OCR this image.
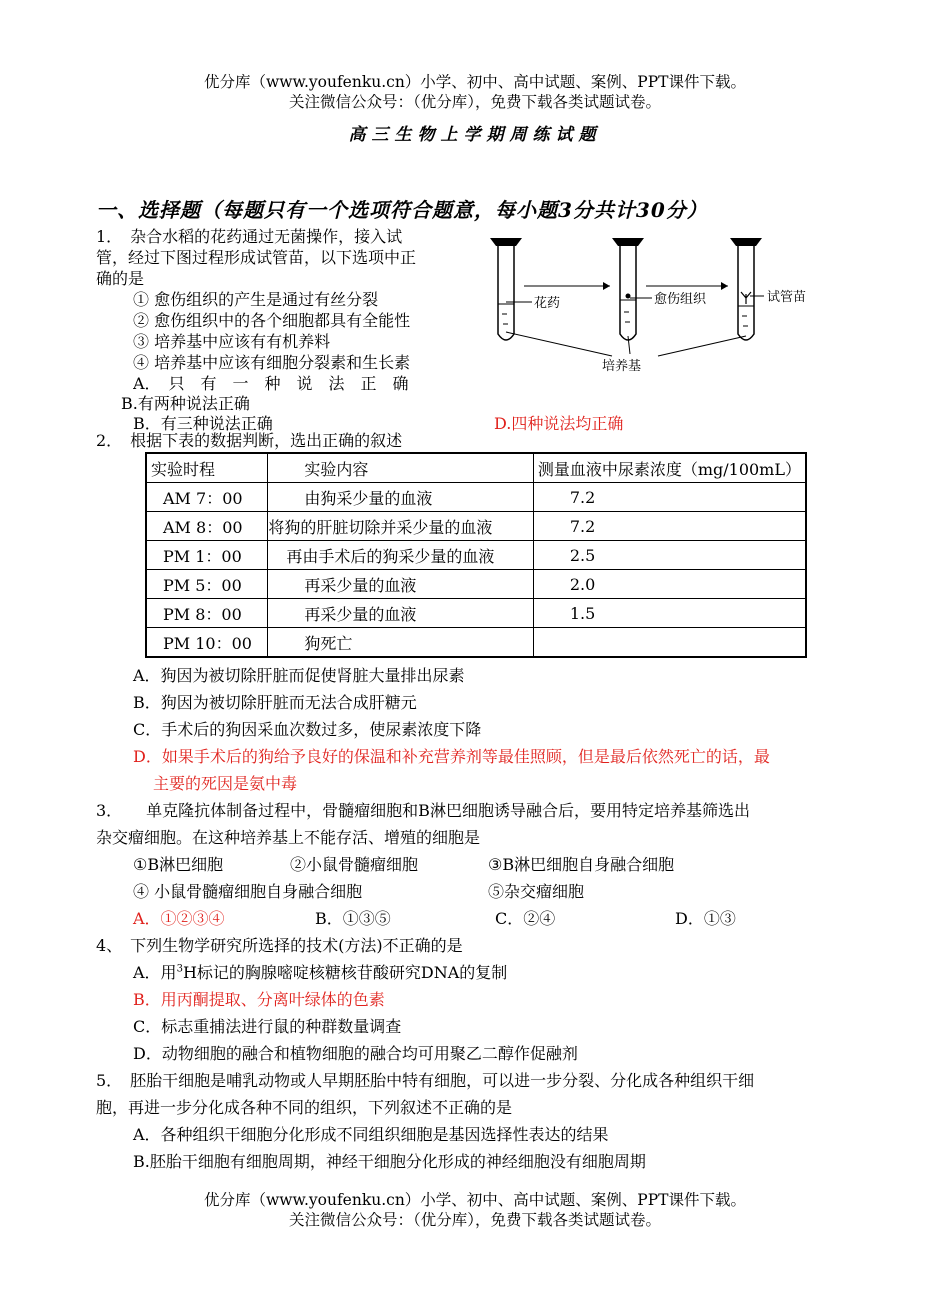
优分库（www.youfenku.cn）小学、初中、高中试题、案例、PPT课件下载。
关注微信公众号：（优分库），免费下载各类试题试卷。
高三生物上学期周练试题
一、选择题（每题只有一个选项符合题意，每小题3分共计30分）
1．　杂合水稻的花药通过无菌操作，接入试
管，经过下图过程形成试管苗，以下选项中正
确的是
① 愈伤组织的产生是通过有丝分裂
② 愈伤组织中的各个细胞都具有全能性
③ 培养基中应该有有机养料
④ 培养基中应该有细胞分裂素和生长素
A．　只　有　一　种　说　法　正　确
B.有两种说法正确
B．有三种说法正确	D.四种说法均正确
花药	愈伤组织	试管苗
培养基
2．　根据下表的数据判断，选出正确的叙述
实验时程	实验内容	测量血液中尿素浓度（mg/100mL）
AM 7：00	由狗采少量的血液	7.2
AM 8：00	将狗的肝脏切除并采少量的血液	7.2
PM 1：00	再由手术后的狗采少量的血液	2.5
PM 5：00	再采少量的血液	2.0
PM 8：00	再采少量的血液	1.5
PM 10：00	狗死亡	
A．狗因为被切除肝脏而促使肾脏大量排出尿素
B．狗因为被切除肝脏而无法合成肝糖元
C．手术后的狗因采血次数过多，使尿素浓度下降
D．如果手术后的狗给予良好的保温和补充营养剂等最佳照顾，但是最后依然死亡的话，最
主要的死因是氨中毒
3．　　单克隆抗体制备过程中，骨髓瘤细胞和B淋巴细胞诱导融合后，要用特定培养基筛选出
杂交瘤细胞。在这种培养基上不能存活、增殖的细胞是
①B淋巴细胞	②小鼠骨髓瘤细胞	③B淋巴细胞自身融合细胞
④ 小鼠骨髓瘤细胞自身融合细胞	⑤杂交瘤细胞
A．①②③④	B．①③⑤	C．②④	D．①③
4、　下列生物学研究所选择的技术(方法)不正确的是
A．用$^3$H标记的胸腺嘧啶核糖核苷酸研究DNA的复制
B．用丙酮提取、分离叶绿体的色素
C．标志重捕法进行鼠的种群数量调查
D．动物细胞的融合和植物细胞的融合均可用聚乙二醇作促融剂
5．　胚胎干细胞是哺乳动物或人早期胚胎中特有细胞，可以进一步分裂、分化成各种组织干细
胞，再进一步分化成各种不同的组织，下列叙述不正确的是
A．各种组织干细胞分化形成不同组织细胞是基因选择性表达的结果
B.胚胎干细胞有细胞周期，神经干细胞分化形成的神经细胞没有细胞周期
优分库（www.youfenku.cn）小学、初中、高中试题、案例、PPT课件下载。
关注微信公众号：（优分库），免费下载各类试题试卷。
